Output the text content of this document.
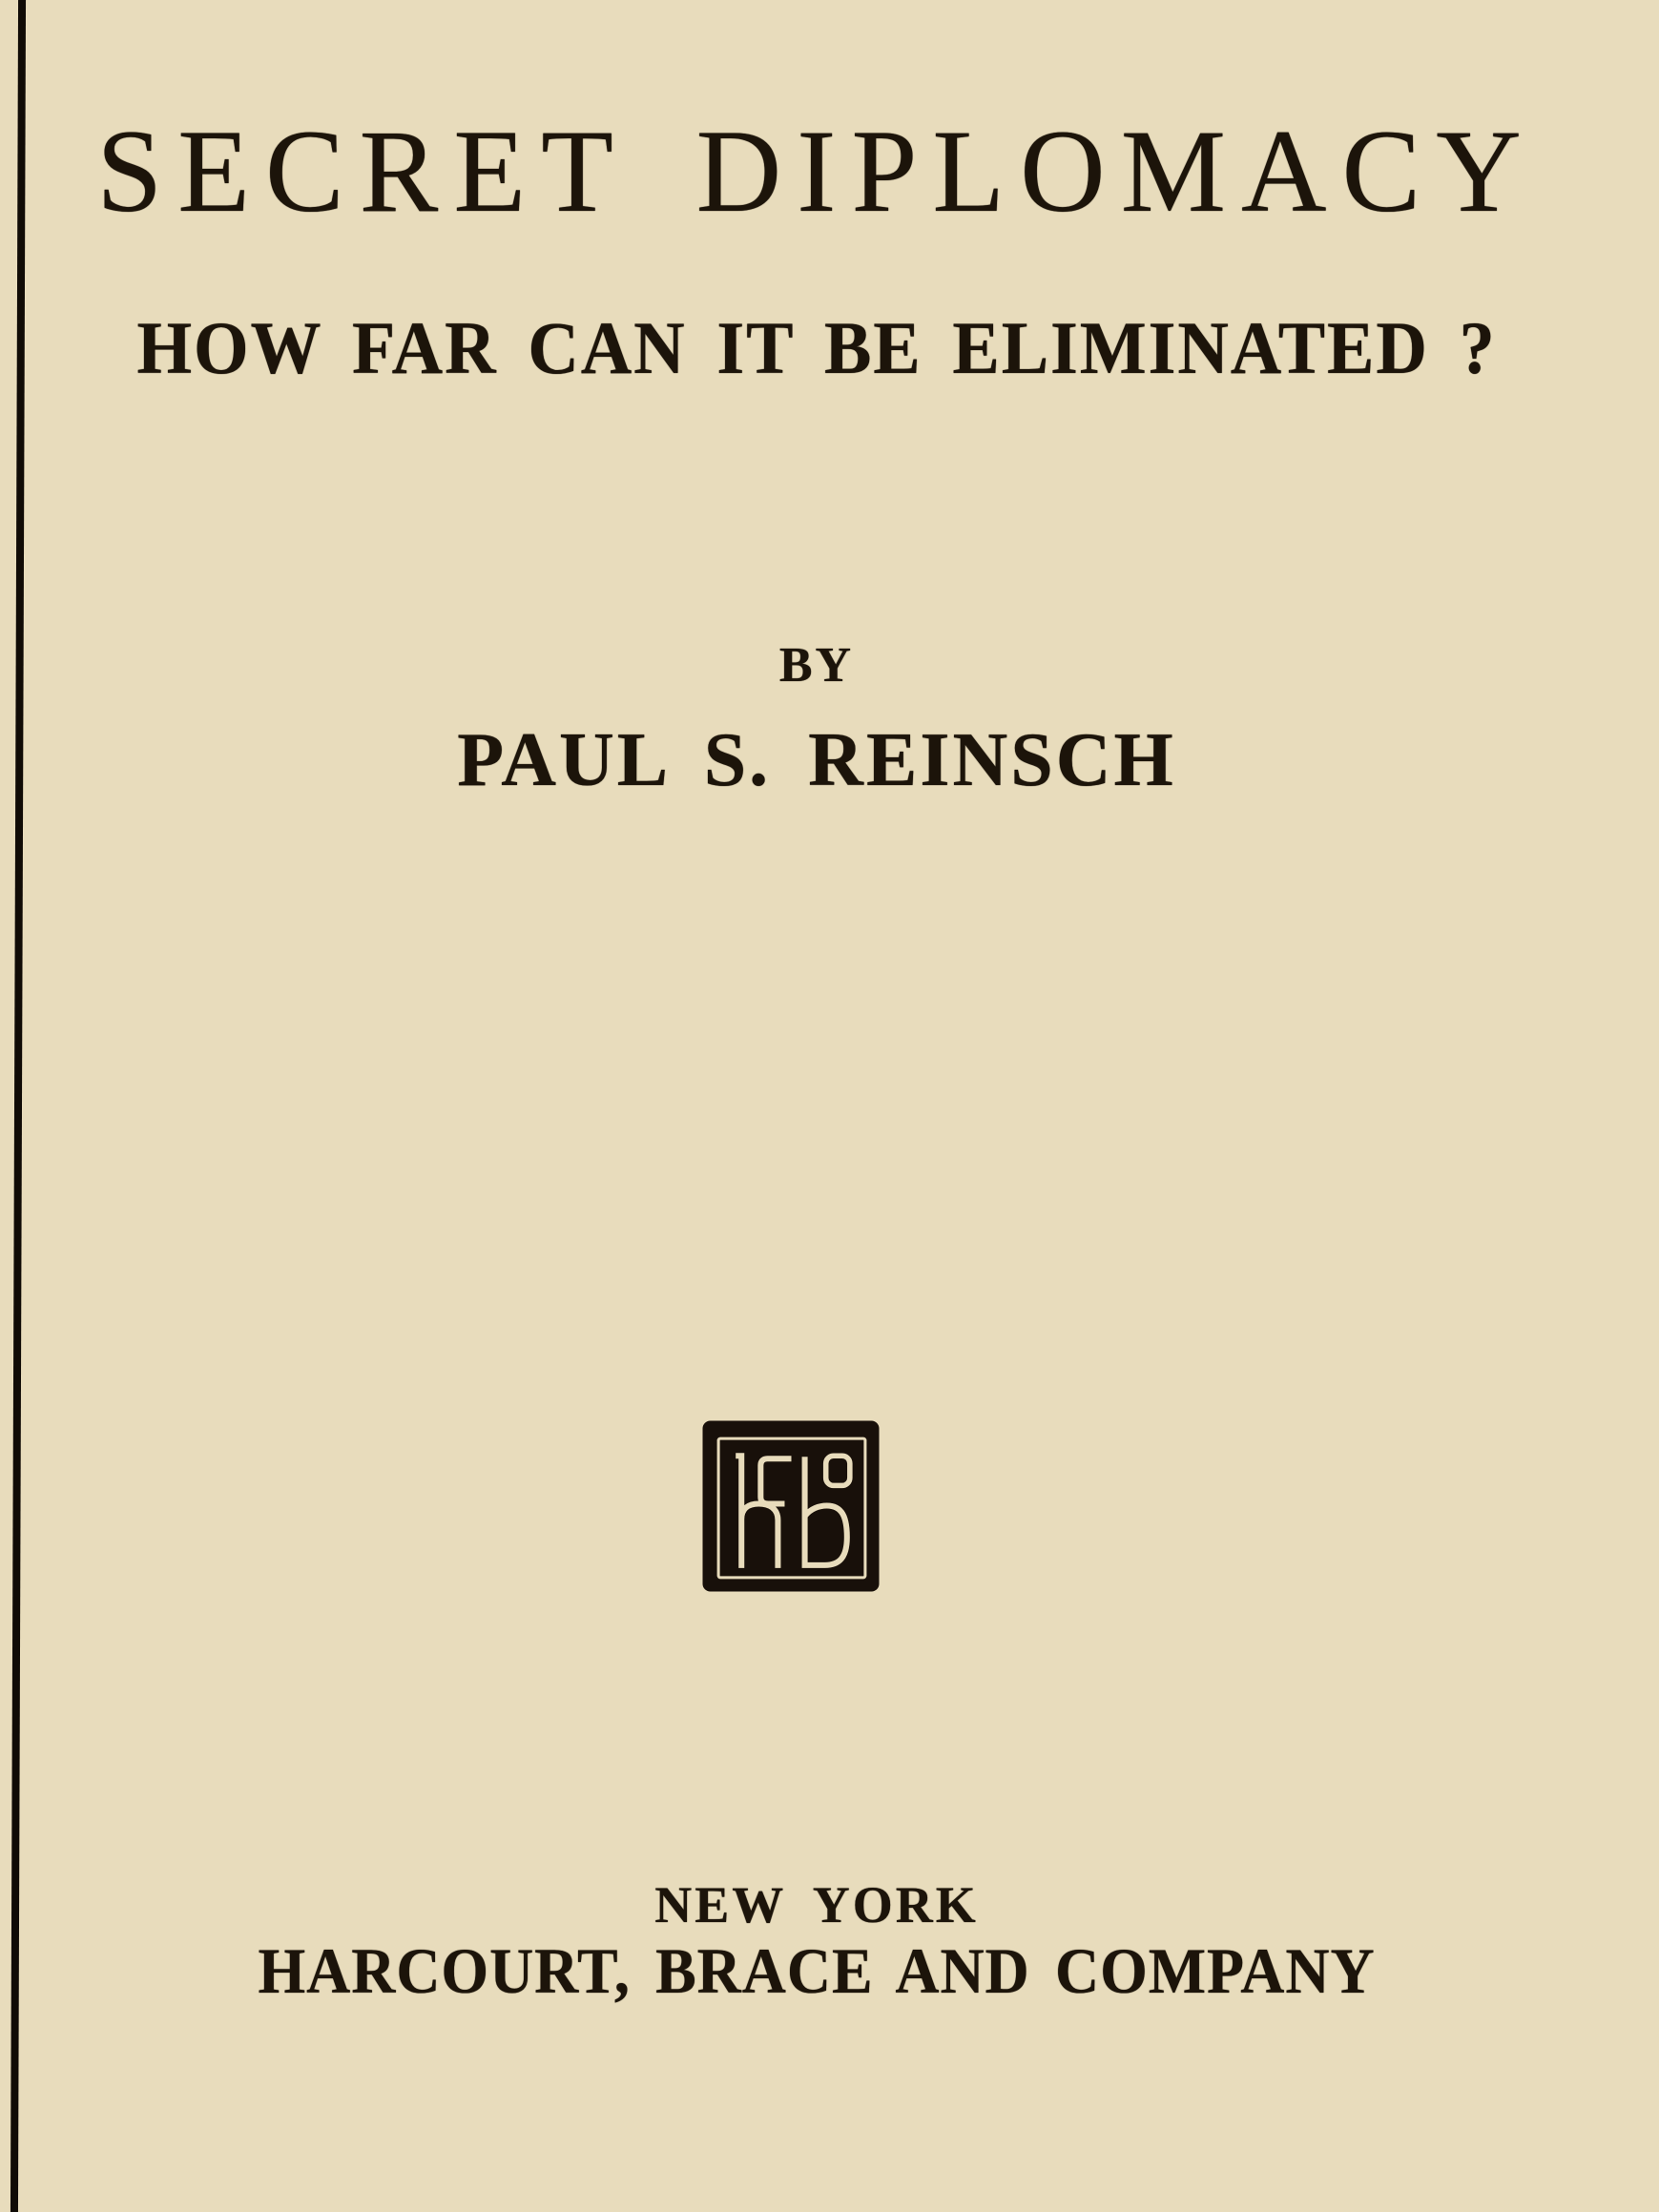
SECRET DIPLOMACY
HOW FAR CAN IT BE ELIMINATED ?
BY
PAUL S. REINSCH
NEW YORK
HARCOURT, BRACE AND COMPANY
